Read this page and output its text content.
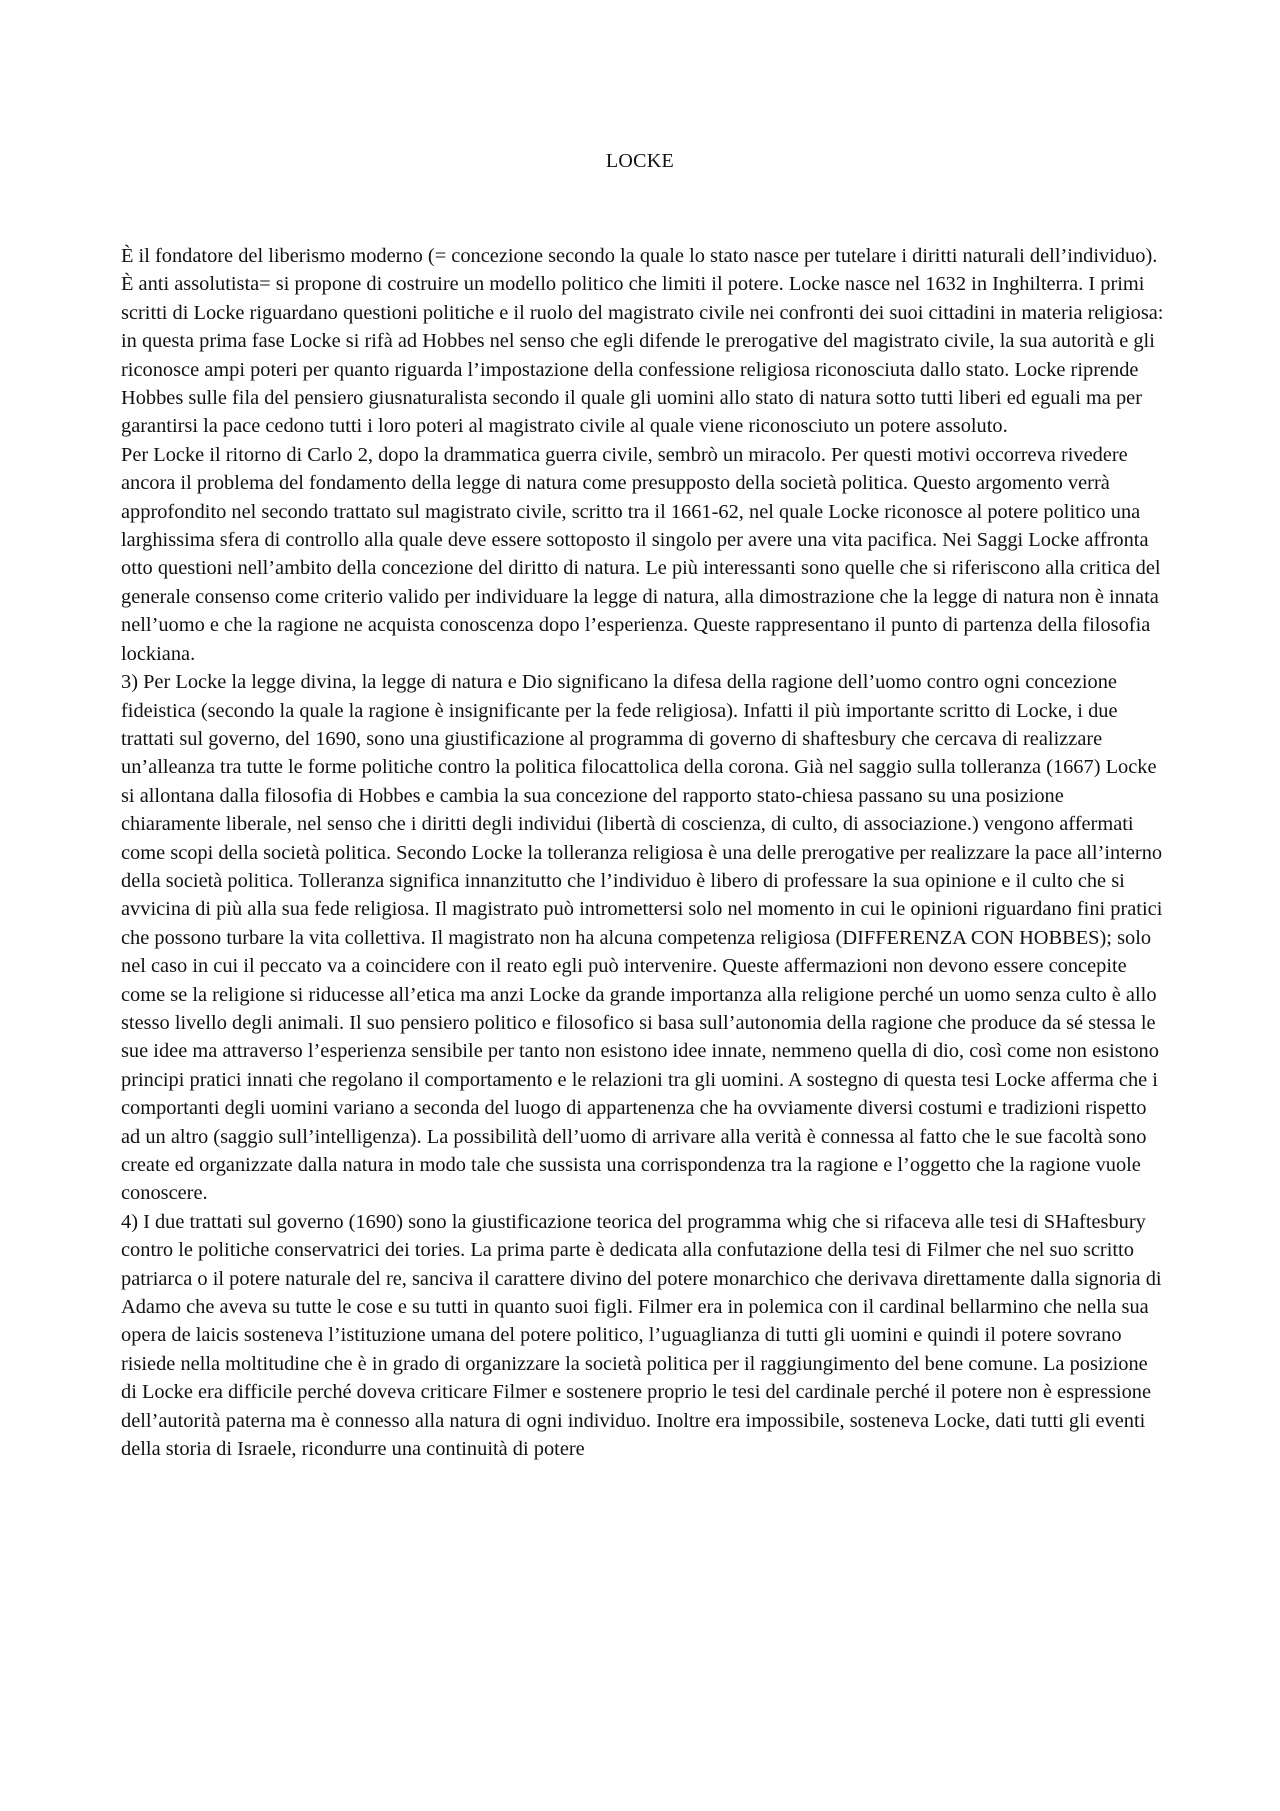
LOCKE

È il fondatore del liberismo moderno (= concezione secondo la quale lo stato nasce per tutelare i diritti naturali dell’individuo). È anti assolutista= si propone di costruire un modello politico che limiti il potere. Locke nasce nel 1632 in Inghilterra. I primi scritti di Locke riguardano questioni politiche e il ruolo del magistrato civile nei confronti dei suoi cittadini in materia religiosa: in questa prima fase Locke si rifà ad Hobbes nel senso che egli difende le prerogative del magistrato civile, la sua autorità e gli riconosce ampi poteri per quanto riguarda l’impostazione della confessione religiosa riconosciuta dallo stato. Locke riprende Hobbes sulle fila del pensiero giusnaturalista secondo il quale gli uomini allo stato di natura sotto tutti liberi ed eguali ma per garantirsi la pace cedono tutti i loro poteri al magistrato civile al quale viene riconosciuto un potere assoluto.

Per Locke il ritorno di Carlo 2, dopo la drammatica guerra civile, sembrò un miracolo. Per questi motivi occorreva rivedere ancora il problema del fondamento della legge di natura come presupposto della società politica. Questo argomento verrà approfondito nel secondo trattato sul magistrato civile, scritto tra il 1661-62, nel quale Locke riconosce al potere politico una larghissima sfera di controllo alla quale deve essere sottoposto il singolo per avere una vita pacifica. Nei Saggi Locke affronta otto questioni nell’ambito della concezione del diritto di natura. Le più interessanti sono quelle che si riferiscono alla critica del generale consenso come criterio valido per individuare la legge di natura, alla dimostrazione che la legge di natura non è innata nell’uomo e che la ragione ne acquista conoscenza dopo l’esperienza. Queste rappresentano il punto di partenza della filosofia lockiana.

3) Per Locke la legge divina, la legge di natura e Dio significano la difesa della ragione dell’uomo contro ogni concezione fideistica (secondo la quale la ragione è insignificante per la fede religiosa). Infatti il più importante scritto di Locke, i due trattati sul governo, del 1690, sono una giustificazione al programma di governo di shaftesbury che cercava di realizzare un’alleanza tra tutte le forme politiche contro la politica filocattolica della corona. Già nel saggio sulla tolleranza (1667) Locke si allontana dalla filosofia di Hobbes e cambia la sua concezione del rapporto stato-chiesa passano su una posizione chiaramente liberale, nel senso che i diritti degli individui (libertà di coscienza, di culto, di associazione.) vengono affermati come scopi della società politica. Secondo Locke la tolleranza religiosa è una delle prerogative per realizzare la pace all’interno della società politica. Tolleranza significa innanzitutto che l’individuo è libero di professare la sua opinione e il culto che si avvicina di più alla sua fede religiosa. Il magistrato può intromettersi solo nel momento in cui le opinioni riguardano fini pratici che possono turbare la vita collettiva. Il magistrato non ha alcuna competenza religiosa (DIFFERENZA CON HOBBES); solo nel caso in cui il peccato va a coincidere con il reato egli può intervenire. Queste affermazioni non devono essere concepite come se la religione si riducesse all’etica ma anzi Locke da grande importanza alla religione perché un uomo senza culto è allo stesso livello degli animali. Il suo pensiero politico e filosofico si basa sull’autonomia della ragione che produce da sé stessa le sue idee ma attraverso l’esperienza sensibile per tanto non esistono idee innate, nemmeno quella di dio, così come non esistono principi pratici innati che regolano il comportamento e le relazioni tra gli uomini. A sostegno di questa tesi Locke afferma che i comportanti degli uomini variano a seconda del luogo di appartenenza che ha ovviamente diversi costumi e tradizioni rispetto ad un altro (saggio sull’intelligenza). La possibilità dell’uomo di arrivare alla verità è connessa al fatto che le sue facoltà sono create ed organizzate dalla natura in modo tale che sussista una corrispondenza tra la ragione e l’oggetto che la ragione vuole conoscere.

4) I due trattati sul governo (1690) sono la giustificazione teorica del programma whig che si rifaceva alle tesi di SHaftesbury contro le politiche conservatrici dei tories. La prima parte è dedicata alla confutazione della tesi di Filmer che nel suo scritto patriarca o il potere naturale del re, sanciva il carattere divino del potere monarchico che derivava direttamente dalla signoria di Adamo che aveva su tutte le cose e su tutti in quanto suoi figli. Filmer era in polemica con il cardinal bellarmino che nella sua opera de laicis sosteneva l’istituzione umana del potere politico, l’uguaglianza di tutti gli uomini e quindi il potere sovrano risiede nella moltitudine che è in grado di organizzare la società politica per il raggiungimento del bene comune. La posizione di Locke era difficile perché doveva criticare Filmer e sostenere proprio le tesi del cardinale perché il potere non è espressione dell’autorità paterna ma è connesso alla natura di ogni individuo. Inoltre era impossibile, sosteneva Locke, dati tutti gli eventi della storia di Israele, ricondurre una continuità di potere
